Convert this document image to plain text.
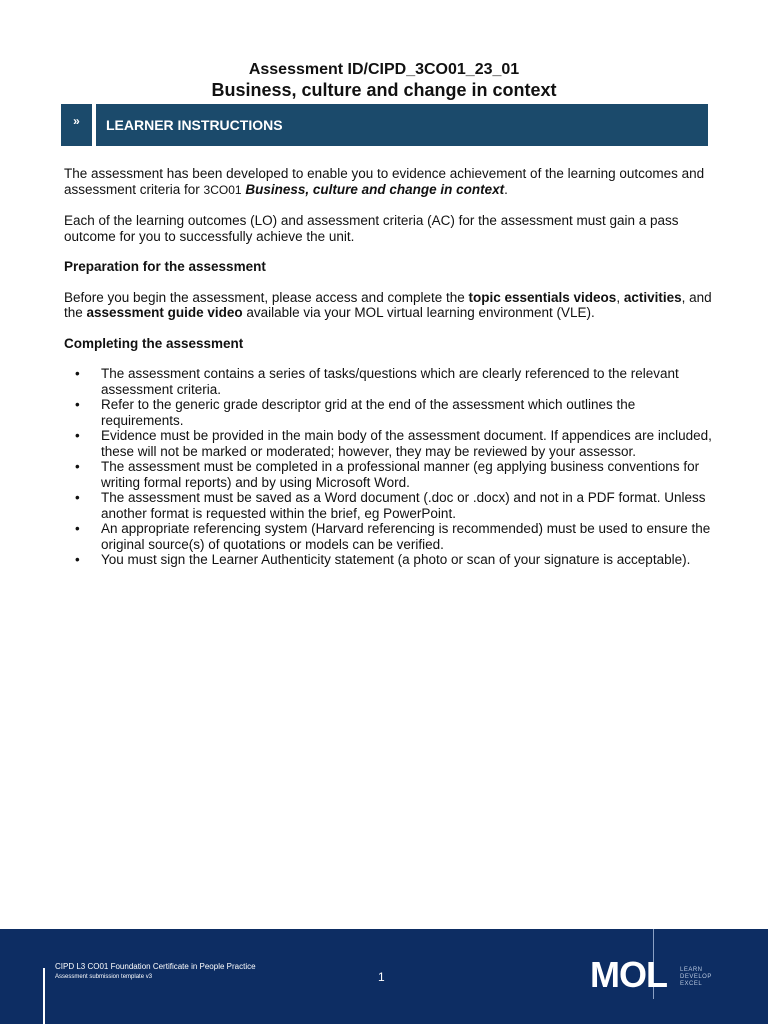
Assessment ID/CIPD_3CO01_23_01
Business, culture and change in context
»	LEARNER INSTRUCTIONS

The assessment has been developed to enable you to evidence achievement of the learning outcomes and assessment criteria for 3CO01 Business, culture and change in context.

Each of the learning outcomes (LO) and assessment criteria (AC) for the assessment must gain a pass outcome for you to successfully achieve the unit.

Preparation for the assessment

Before you begin the assessment, please access and complete the topic essentials videos, activities, and the assessment guide video available via your MOL virtual learning environment (VLE).

Completing the assessment
• The assessment contains a series of tasks/questions which are clearly referenced to the relevant assessment criteria.
• Refer to the generic grade descriptor grid at the end of the assessment which outlines the requirements.
• Evidence must be provided in the main body of the assessment document. If appendices are included, these will not be marked or moderated; however, they may be reviewed by your assessor.
• The assessment must be completed in a professional manner (eg applying business conventions for writing formal reports) and by using Microsoft Word.
• The assessment must be saved as a Word document (.doc or .docx) and not in a PDF format. Unless another format is requested within the brief, eg PowerPoint.
• An appropriate referencing system (Harvard referencing is recommended) must be used to ensure the original source(s) of quotations or models can be verified.
• You must sign the Learner Authenticity statement (a photo or scan of your signature is acceptable).
CIPD L3 CO01 Foundation Certificate in People Practice
Assessment submission template v3	1	MOL LEARN
DEVELOP
EXCEL
